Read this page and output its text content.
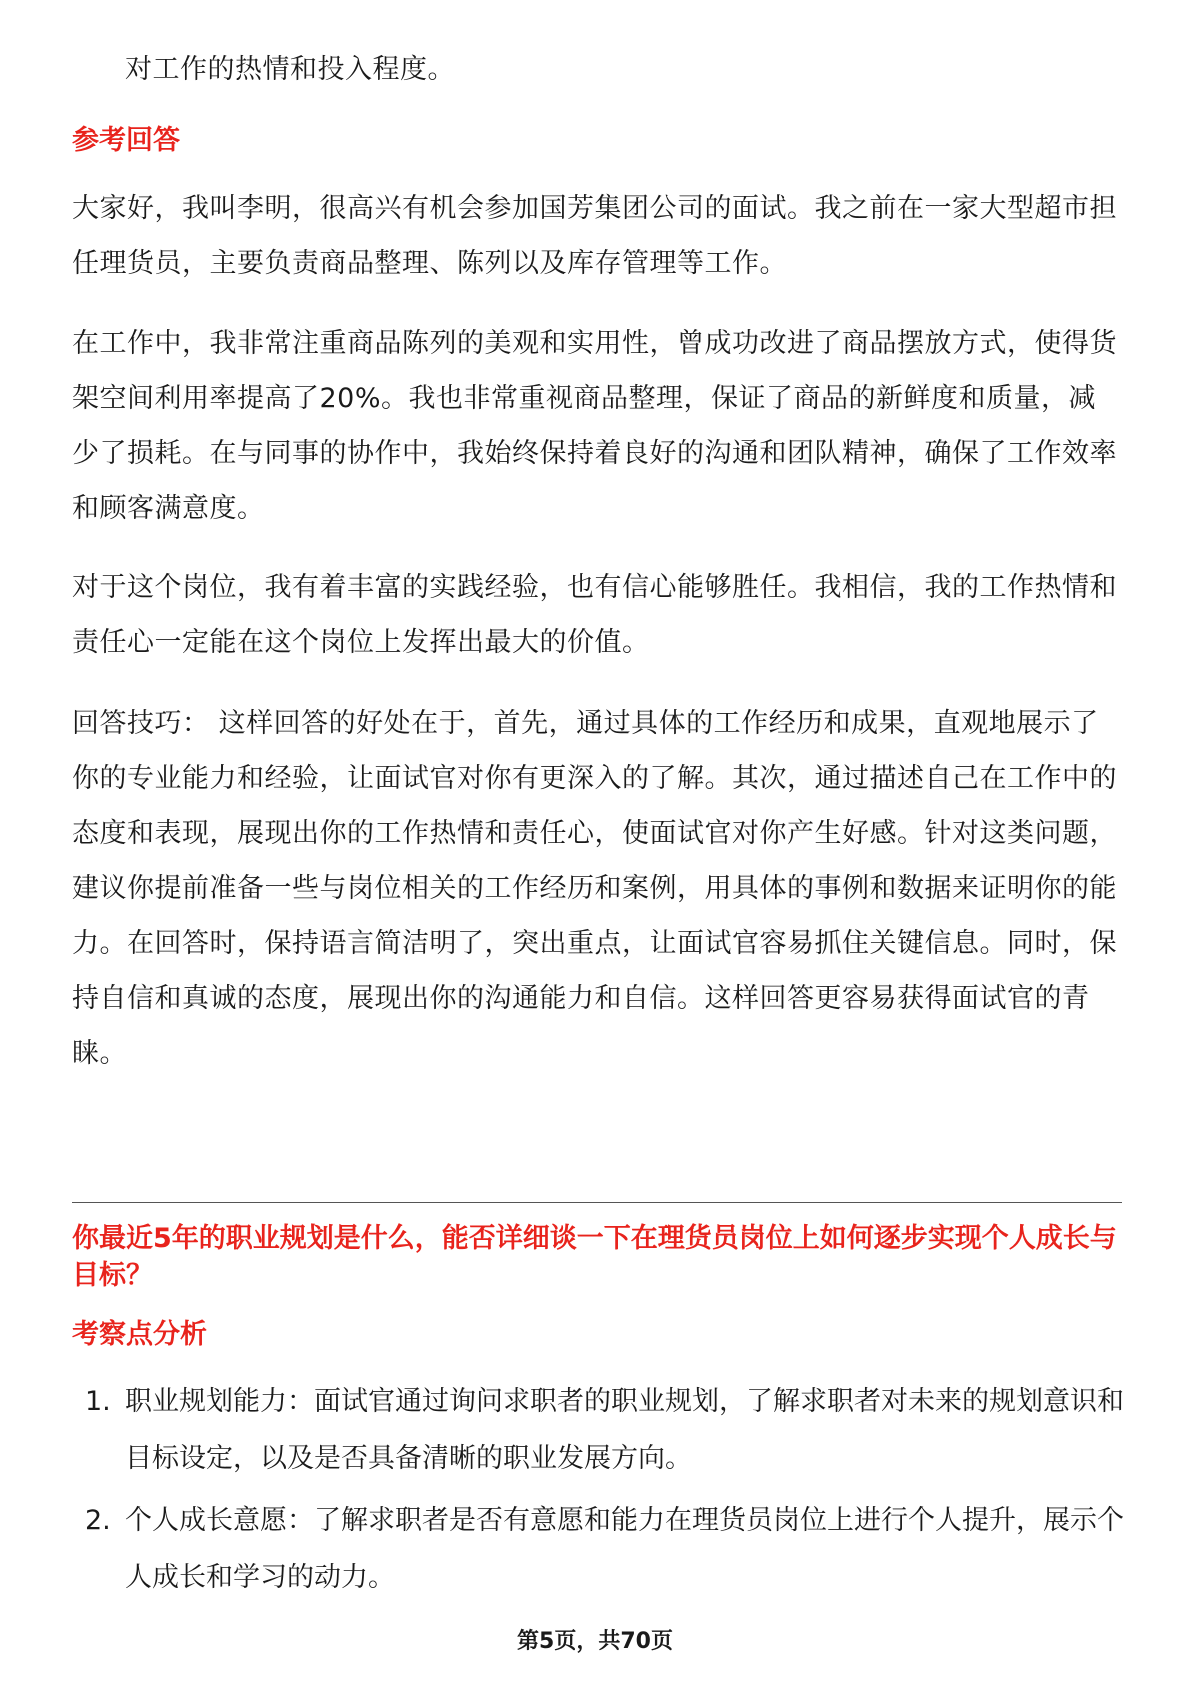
对工作的热情和投入程度。
参考回答
大家好，我叫李明，很高兴有机会参加国芳集团公司的面试。我之前在一家大型超市担任理货员，主要负责商品整理、陈列以及库存管理等工作。
在工作中，我非常注重商品陈列的美观和实用性，曾成功改进了商品摆放方式，使得货架空间利用率提高了20%。我也非常重视商品整理，保证了商品的新鲜度和质量，减少了损耗。在与同事的协作中，我始终保持着良好的沟通和团队精神，确保了工作效率和顾客满意度。
对于这个岗位，我有着丰富的实践经验，也有信心能够胜任。我相信，我的工作热情和责任心一定能在这个岗位上发挥出最大的价值。
回答技巧： 这样回答的好处在于，首先，通过具体的工作经历和成果，直观地展示了你的专业能力和经验，让面试官对你有更深入的了解。其次，通过描述自己在工作中的态度和表现，展现出你的工作热情和责任心，使面试官对你产生好感。针对这类问题，建议你提前准备一些与岗位相关的工作经历和案例，用具体的事例和数据来证明你的能力。在回答时，保持语言简洁明了，突出重点，让面试官容易抓住关键信息。同时，保持自信和真诚的态度，展现出你的沟通能力和自信。这样回答更容易获得面试官的青睐。
你最近5年的职业规划是什么，能否详细谈一下在理货员岗位上如何逐步实现个人成长与目标？
考察点分析
1. 职业规划能力：面试官通过询问求职者的职业规划，了解求职者对未来的规划意识和目标设定，以及是否具备清晰的职业发展方向。
2. 个人成长意愿：了解求职者是否有意愿和能力在理货员岗位上进行个人提升，展示个人成长和学习的动力。
第5页，共70页
